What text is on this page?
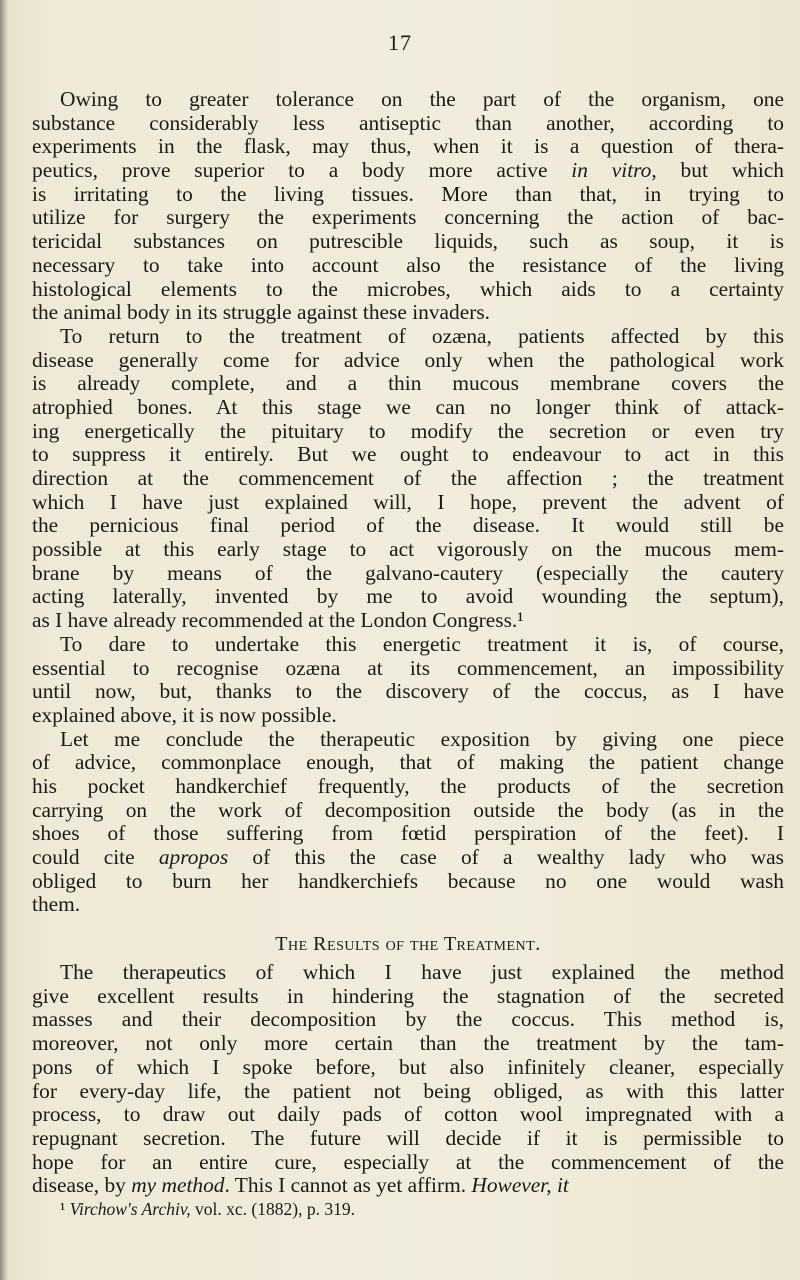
17
Owing to greater tolerance on the part of the organism, one
substance considerably less antiseptic than another, according to
experiments in the flask, may thus, when it is a question of thera-
peutics, prove superior to a body more active in vitro, but which
is irritating to the living tissues. More than that, in trying to
utilize for surgery the experiments concerning the action of bac-
tericidal substances on putrescible liquids, such as soup, it is
necessary to take into account also the resistance of the living
histological elements to the microbes, which aids to a certainty
the animal body in its struggle against these invaders.
To return to the treatment of ozæna, patients affected by this
disease generally come for advice only when the pathological work
is already complete, and a thin mucous membrane covers the
atrophied bones. At this stage we can no longer think of attack-
ing energetically the pituitary to modify the secretion or even try
to suppress it entirely. But we ought to endeavour to act in this
direction at the commencement of the affection ; the treatment
which I have just explained will, I hope, prevent the advent of
the pernicious final period of the disease. It would still be
possible at this early stage to act vigorously on the mucous mem-
brane by means of the galvano-cautery (especially the cautery
acting laterally, invented by me to avoid wounding the septum),
as I have already recommended at the London Congress.¹
To dare to undertake this energetic treatment it is, of course,
essential to recognise ozæna at its commencement, an impossibility
until now, but, thanks to the discovery of the coccus, as I have
explained above, it is now possible.
Let me conclude the therapeutic exposition by giving one piece
of advice, commonplace enough, that of making the patient change
his pocket handkerchief frequently, the products of the secretion
carrying on the work of decomposition outside the body (as in the
shoes of those suffering from fœtid perspiration of the feet). I
could cite apropos of this the case of a wealthy lady who was
obliged to burn her handkerchiefs because no one would wash
them.
The Results of the Treatment.
The therapeutics of which I have just explained the method
give excellent results in hindering the stagnation of the secreted
masses and their decomposition by the coccus. This method is,
moreover, not only more certain than the treatment by the tam-
pons of which I spoke before, but also infinitely cleaner, especially
for every-day life, the patient not being obliged, as with this latter
process, to draw out daily pads of cotton wool impregnated with a
repugnant secretion. The future will decide if it is permissible to
hope for an entire cure, especially at the commencement of the
disease, by my method. This I cannot as yet affirm. However, it
¹ Virchow's Archiv, vol. xc. (1882), p. 319.
